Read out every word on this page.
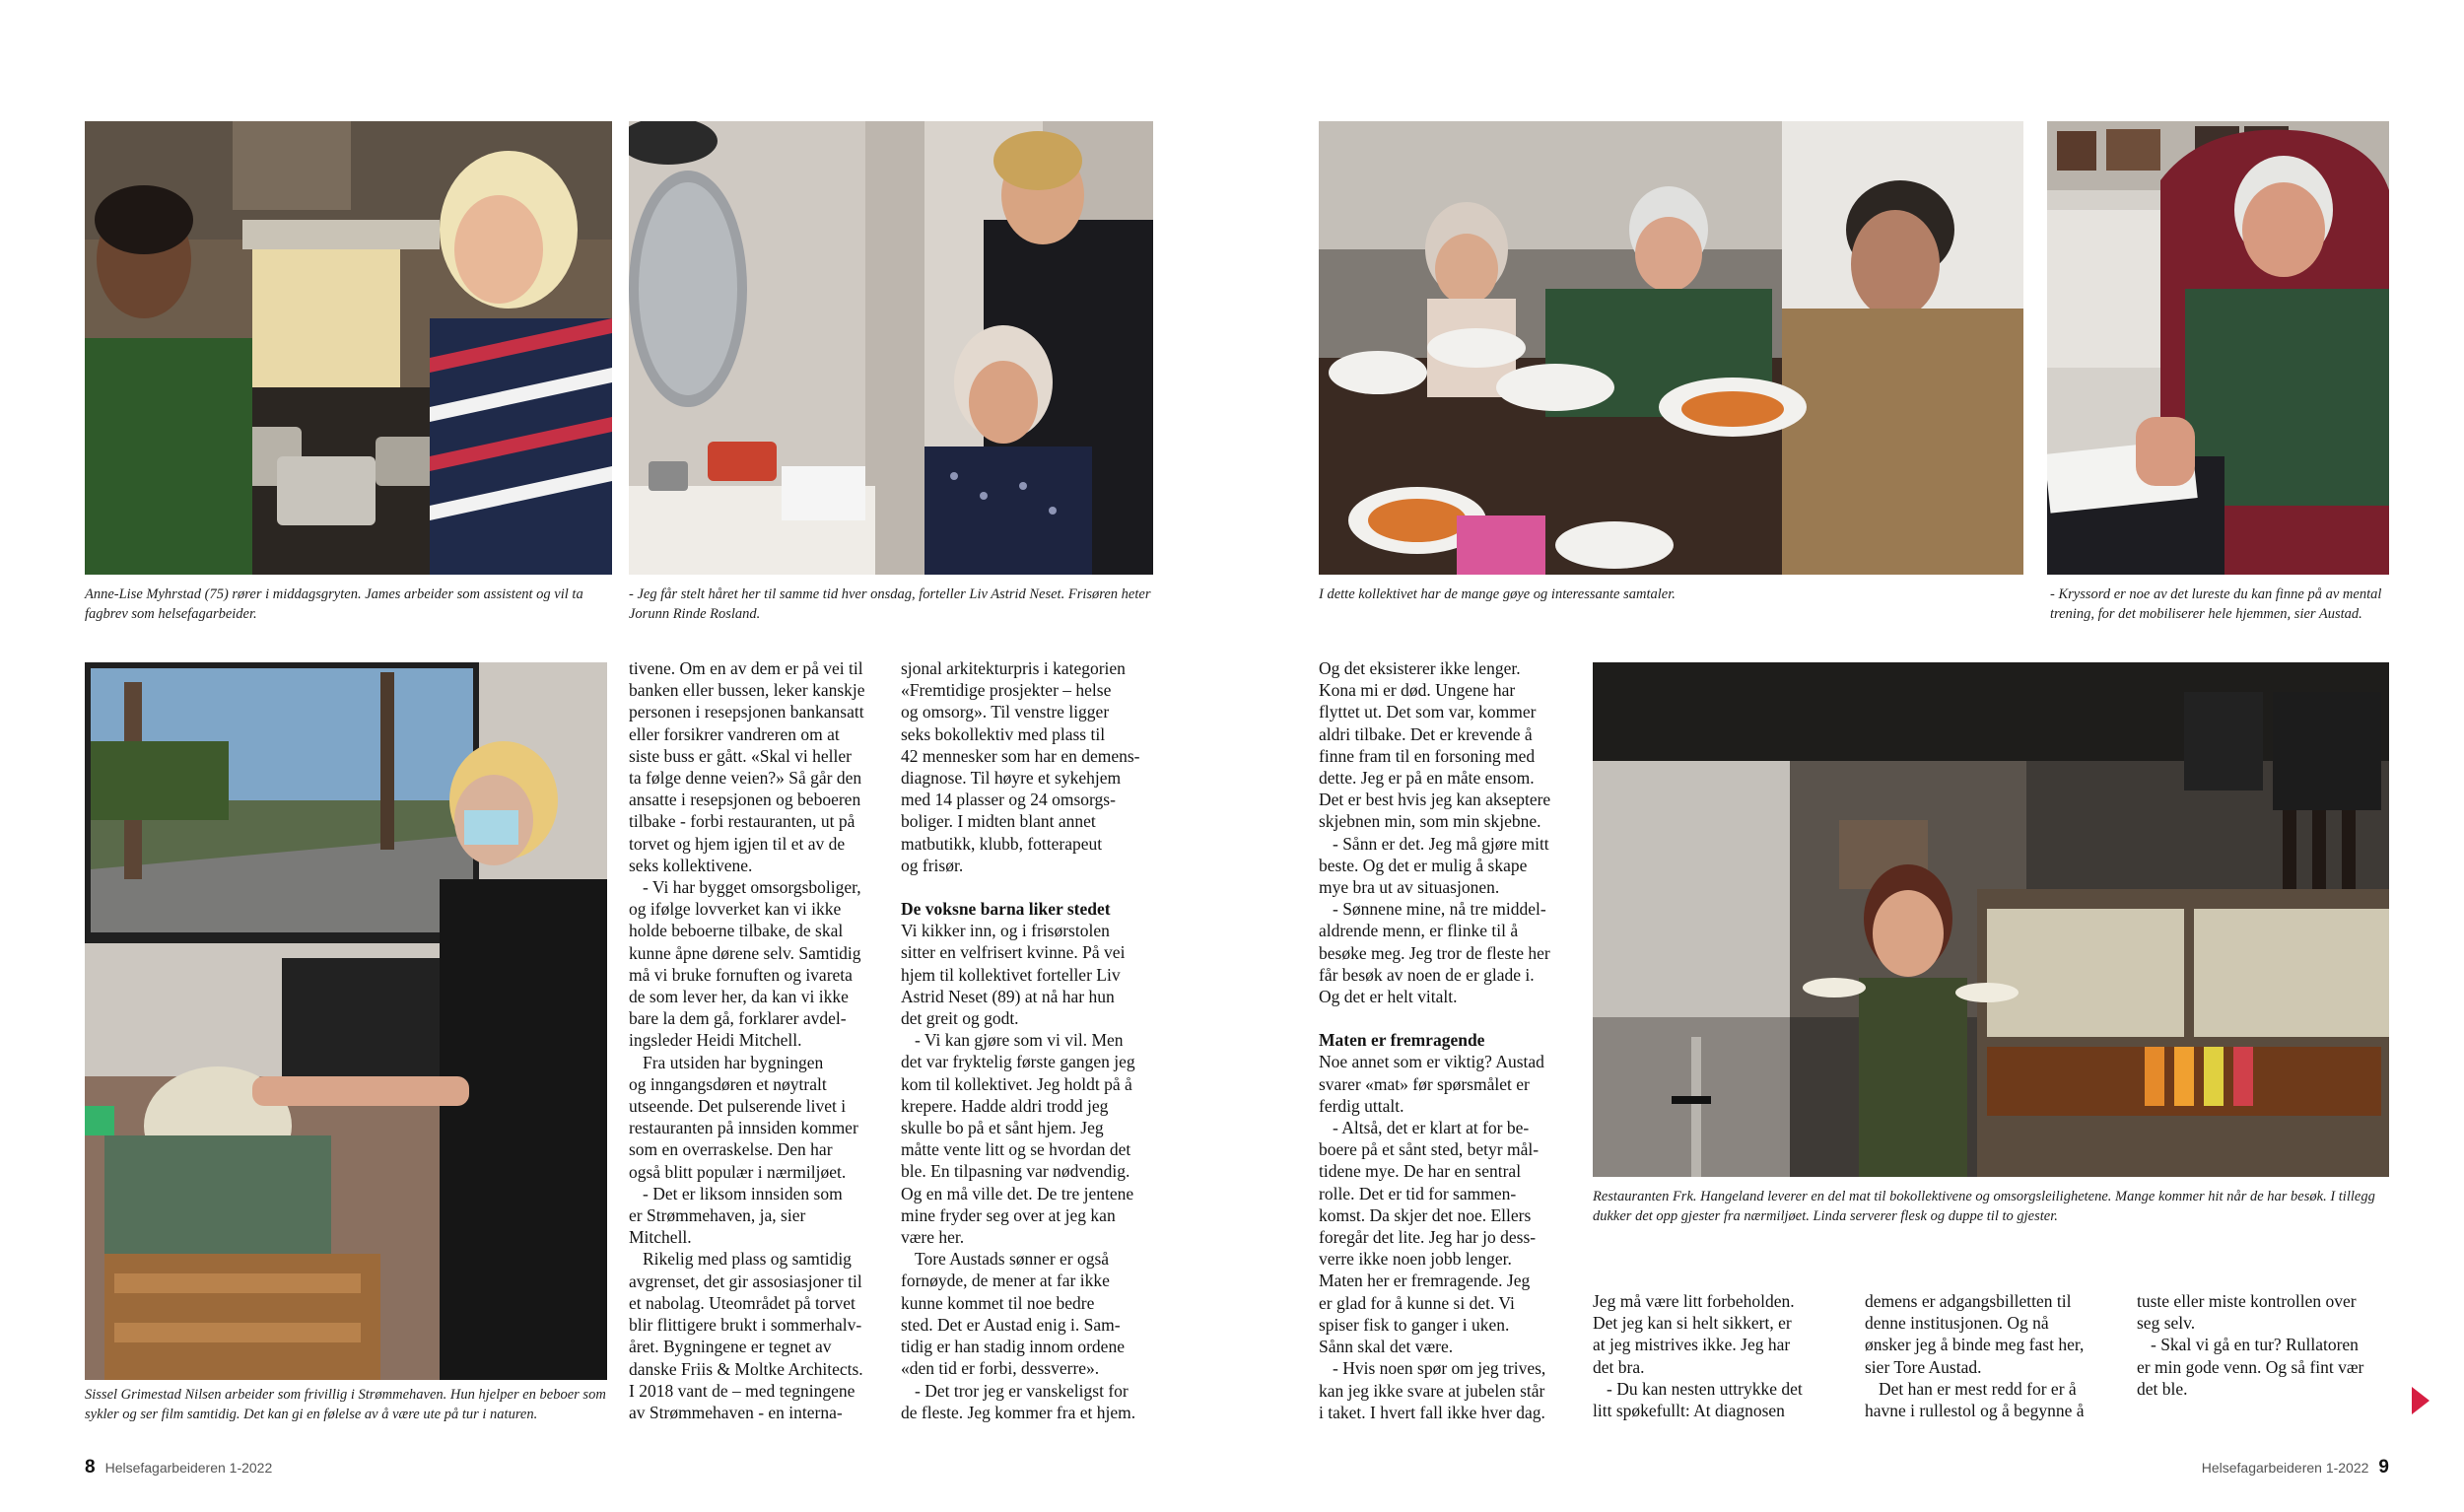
Anne-Lise Myhrstad (75) rører i middagsgryten. James arbeider som assistent og vil ta fagbrev som helsefagarbeider.

- Jeg får stelt håret her til samme tid hver onsdag, forteller Liv Astrid Neset. Frisøren heter Jorunn Rinde Rosland.

I dette kollektivet har de mange gøye og interessante samtaler.	- Kryssord er noe av det lureste du kan finne på av mental trening, for det mobiliserer hele hjemmen, sier Austad.

Sissel Grimestad Nilsen arbeider som frivillig i Strømmehaven. Hun hjelper en beboer som sykler og ser film samtidig. Det kan gi en følelse av å være ute på tur i naturen.

Restauranten Frk. Hangeland leverer en del mat til bokollektivene og omsorgsleilighetene. Mange kommer hit når de har besøk. I tillegg dukker det opp gjester fra nærmiljøet. Linda serverer flesk og duppe til to gjester.

tivene. Om en av dem er på vei til
banken eller bussen, leker kanskje
personen i resepsjonen bankansatt
eller forsikrer vandreren om at
siste buss er gått. «Skal vi heller
ta følge denne veien?» Så går den
ansatte i resepsjonen og beboeren
tilbake - forbi restauranten, ut på
torvet og hjem igjen til et av de
seks kollektivene.

- Vi har bygget omsorgsboliger,
og ifølge lovverket kan vi ikke
holde beboerne tilbake, de skal
kunne åpne dørene selv. Samtidig
må vi bruke fornuften og ivareta
de som lever her, da kan vi ikke
bare la dem gå, forklarer avdel-
ingsleder Heidi Mitchell.

Fra utsiden har bygningen
og inngangsdøren et nøytralt
utseende. Det pulserende livet i
restauranten på innsiden kommer
som en overraskelse. Den har
også blitt populær i nærmiljøet.

- Det er liksom innsiden som
er Strømmehaven, ja, sier
Mitchell.

Rikelig med plass og samtidig
avgrenset, det gir assosiasjoner til
et nabolag. Uteområdet på torvet
blir flittigere brukt i sommerhalv-
året. Bygningene er tegnet av
danske Friis & Moltke Architects.
I 2018 vant de – med tegningene
av Strømmehaven - en interna-

sjonal arkitekturpris i kategorien
«Fremtidige prosjekter – helse
og omsorg». Til venstre ligger
seks bokollektiv med plass til
42 mennesker som har en demens-
diagnose. Til høyre et sykehjem
med 14 plasser og 24 omsorgs-
boliger. I midten blant annet
matbutikk, klubb, fotterapeut
og frisør.

De voksne barna liker stedet

Vi kikker inn, og i frisørstolen
sitter en velfrisert kvinne. På vei
hjem til kollektivet forteller Liv
Astrid Neset (89) at nå har hun
det greit og godt.

- Vi kan gjøre som vi vil. Men
det var fryktelig første gangen jeg
kom til kollektivet. Jeg holdt på å
krepere. Hadde aldri trodd jeg
skulle bo på et sånt hjem. Jeg
måtte vente litt og se hvordan det
ble. En tilpasning var nødvendig.
Og en må ville det. De tre jentene
mine fryder seg over at jeg kan
være her.

Tore Austads sønner er også
fornøyde, de mener at far ikke
kunne kommet til noe bedre
sted. Det er Austad enig i. Sam-
tidig er han stadig innom ordene
«den tid er forbi, dessverre».

- Det tror jeg er vanskeligst for
de fleste. Jeg kommer fra et hjem.

Og det eksisterer ikke lenger.
Kona mi er død. Ungene har
flyttet ut. Det som var, kommer
aldri tilbake. Det er krevende å
finne fram til en forsoning med
dette. Jeg er på en måte ensom.
Det er best hvis jeg kan akseptere
skjebnen min, som min skjebne.

- Sånn er det. Jeg må gjøre mitt
beste. Og det er mulig å skape
mye bra ut av situasjonen.

- Sønnene mine, nå tre middel-
aldrende menn, er flinke til å
besøke meg. Jeg tror de fleste her
får besøk av noen de er glade i.
Og det er helt vitalt.

Maten er fremragende

Noe annet som er viktig? Austad
svarer «mat» før spørsmålet er
ferdig uttalt.

- Altså, det er klart at for be-
boere på et sånt sted, betyr mål-
tidene mye. De har en sentral
rolle. Det er tid for sammen-
komst. Da skjer det noe. Ellers
foregår det lite. Jeg har jo dess-
verre ikke noen jobb lenger.
Maten her er fremragende. Jeg
er glad for å kunne si det. Vi
spiser fisk to ganger i uken.
Sånn skal det være.

- Hvis noen spør om jeg trives,
kan jeg ikke svare at jubelen står
i taket. I hvert fall ikke hver dag.

Jeg må være litt forbeholden.
Det jeg kan si helt sikkert, er
at jeg mistrives ikke. Jeg har
det bra.

- Du kan nesten uttrykke det
litt spøkefullt: At diagnosen

demens er adgangsbilletten til
denne institusjonen. Og nå
ønsker jeg å binde meg fast her,
sier Tore Austad.

Det han er mest redd for er å
havne i rullestol og å begynne å

tuste eller miste kontrollen over
seg selv.

- Skal vi gå en tur? Rullatoren
er min gode venn. Og så fint vær
det ble.

8 Helsefagarbeideren 1-2022	Helsefagarbeideren 1-2022 9
